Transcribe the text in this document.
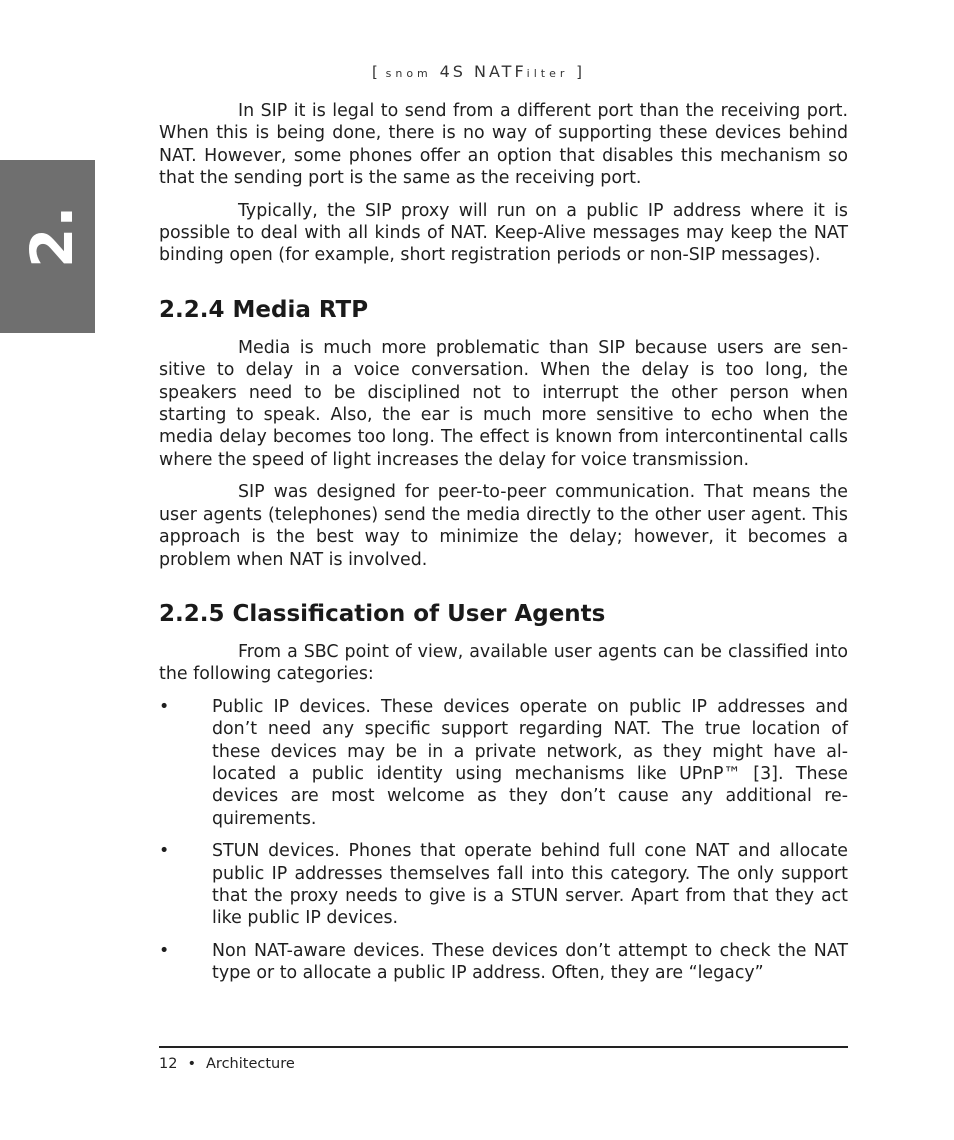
[ snom 4S NATFilter ]
2.

In SIP it is legal to send from a different port than the receiving port. When this is being done, there is no way of supporting these devices behind NAT. However, some phones offer an option that disables this mechanism so that the sending port is the same as the receiving port.

Typically, the SIP proxy will run on a public IP address where it is possible to deal with all kinds of NAT. Keep-Alive messages may keep the NAT binding open (for example, short registration periods or non-SIP messages).

2.2.4 Media RTP

Media is much more problematic than SIP because users are sensitive to delay in a voice conversation. When the delay is too long, the speakers need to be disciplined not to interrupt the other person when starting to speak. Also, the ear is much more sensitive to echo when the media delay becomes too long. The effect is known from intercontinental calls where the speed of light increases the delay for voice transmission.

SIP was designed for peer-to-peer communication. That means the user agents (telephones) send the media directly to the other user agent. This approach is the best way to minimize the delay; however, it becomes a problem when NAT is involved.

2.2.5 Classification of User Agents

From a SBC point of view, available user agents can be classified into the following categories:

• Public IP devices. These devices operate on public IP addresses and don’t need any specific support regarding NAT. The true location of these devices may be in a private network, as they might have allocated a public identity using mechanisms like UPnP™ [3]. These devices are most welcome as they don’t cause any additional requirements.
• STUN devices. Phones that operate behind full cone NAT and allocate public IP addresses themselves fall into this category. The only support that the proxy needs to give is a STUN server. Apart from that they act like public IP devices.
• Non NAT-aware devices. These devices don’t attempt to check the NAT type or to allocate a public IP address. Often, they are “legacy”
12 • Architecture
